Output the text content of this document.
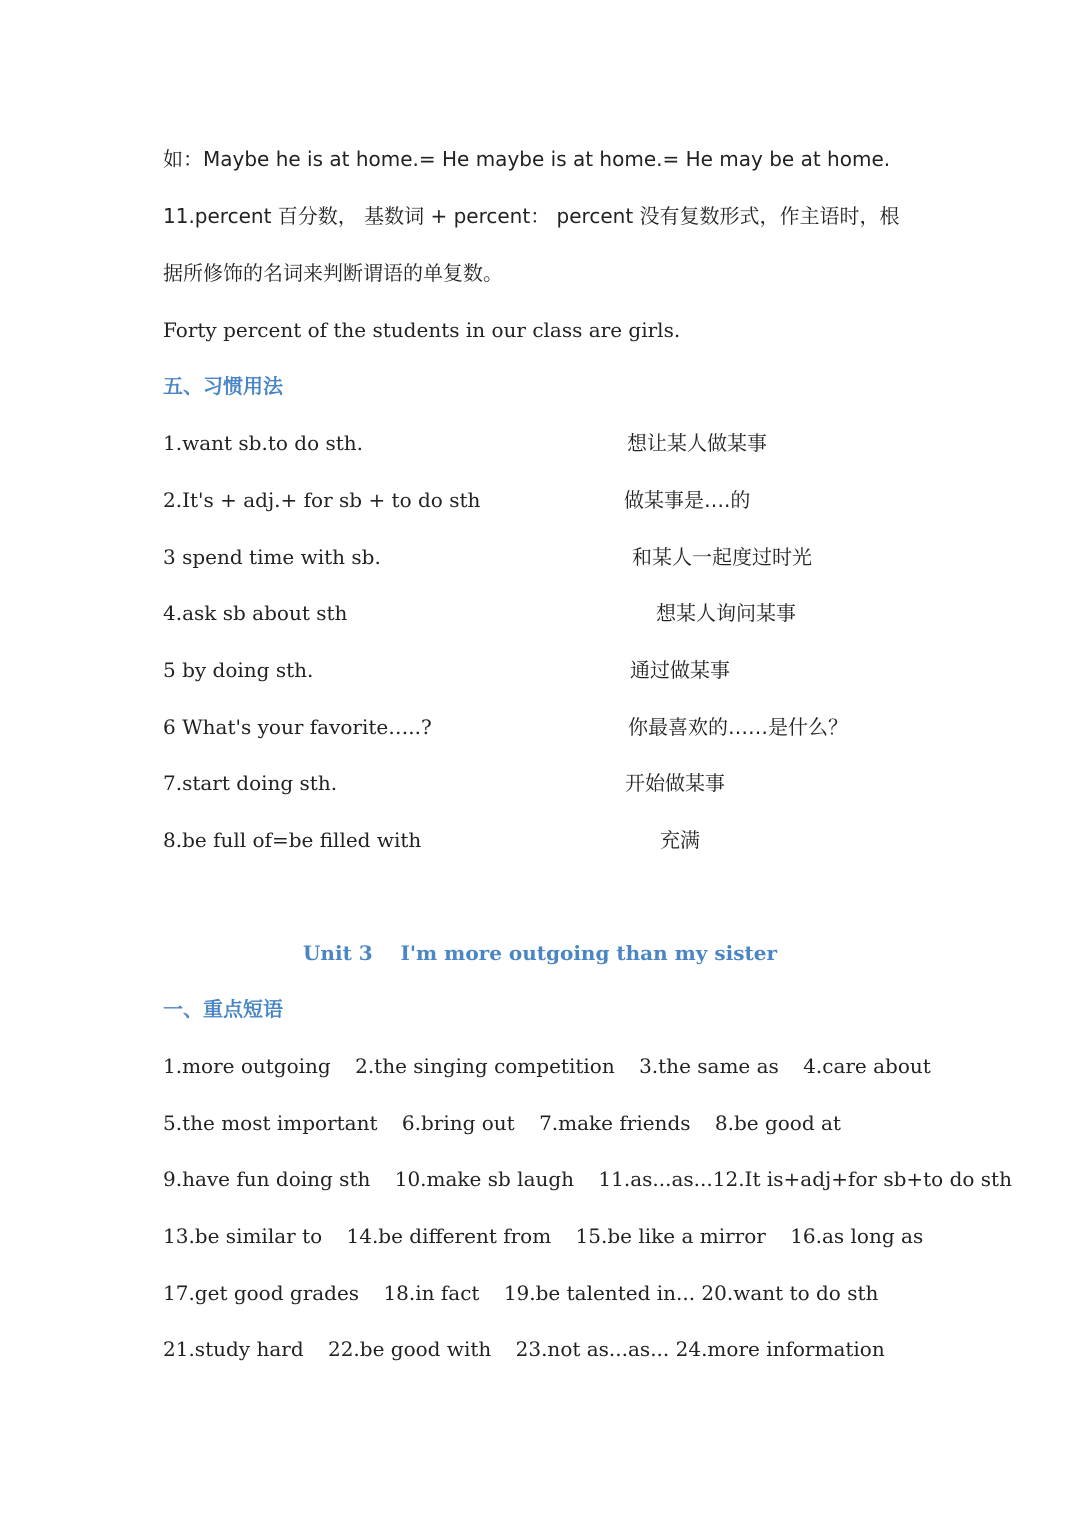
如：Maybe he is at home.= He maybe is at home.= He may be at home.
11.percent 百分数， 基数词 + percent： percent 没有复数形式，作主语时，根
据所修饰的名词来判断谓语的单复数。
Forty percent of the students in our class are girls.
五、习惯用法
1.want sb.to do sth.	想让某人做某事
2.It's + adj.+ for sb + to do sth	做某事是….的
3 spend time with sb.	和某人一起度过时光
4.ask sb about sth	想某人询问某事
5 by doing sth.	通过做某事
6 What's your favorite…..?	你最喜欢的……是什么？
7.start doing sth.	开始做某事
8.be full of=be filled with	充满
Unit 3 I'm more outgoing than my sister
一、重点短语
1.more outgoing 2.the singing competition 3.the same as 4.care about
5.the most important 6.bring out 7.make friends 8.be good at
9.have fun doing sth 10.make sb laugh 11.as...as...12.It is+adj+for sb+to do sth
13.be similar to 14.be different from 15.be like a mirror 16.as long as
17.get good grades 18.in fact 19.be talented in... 20.want to do sth
21.study hard 22.be good with 23.not as...as... 24.more information
